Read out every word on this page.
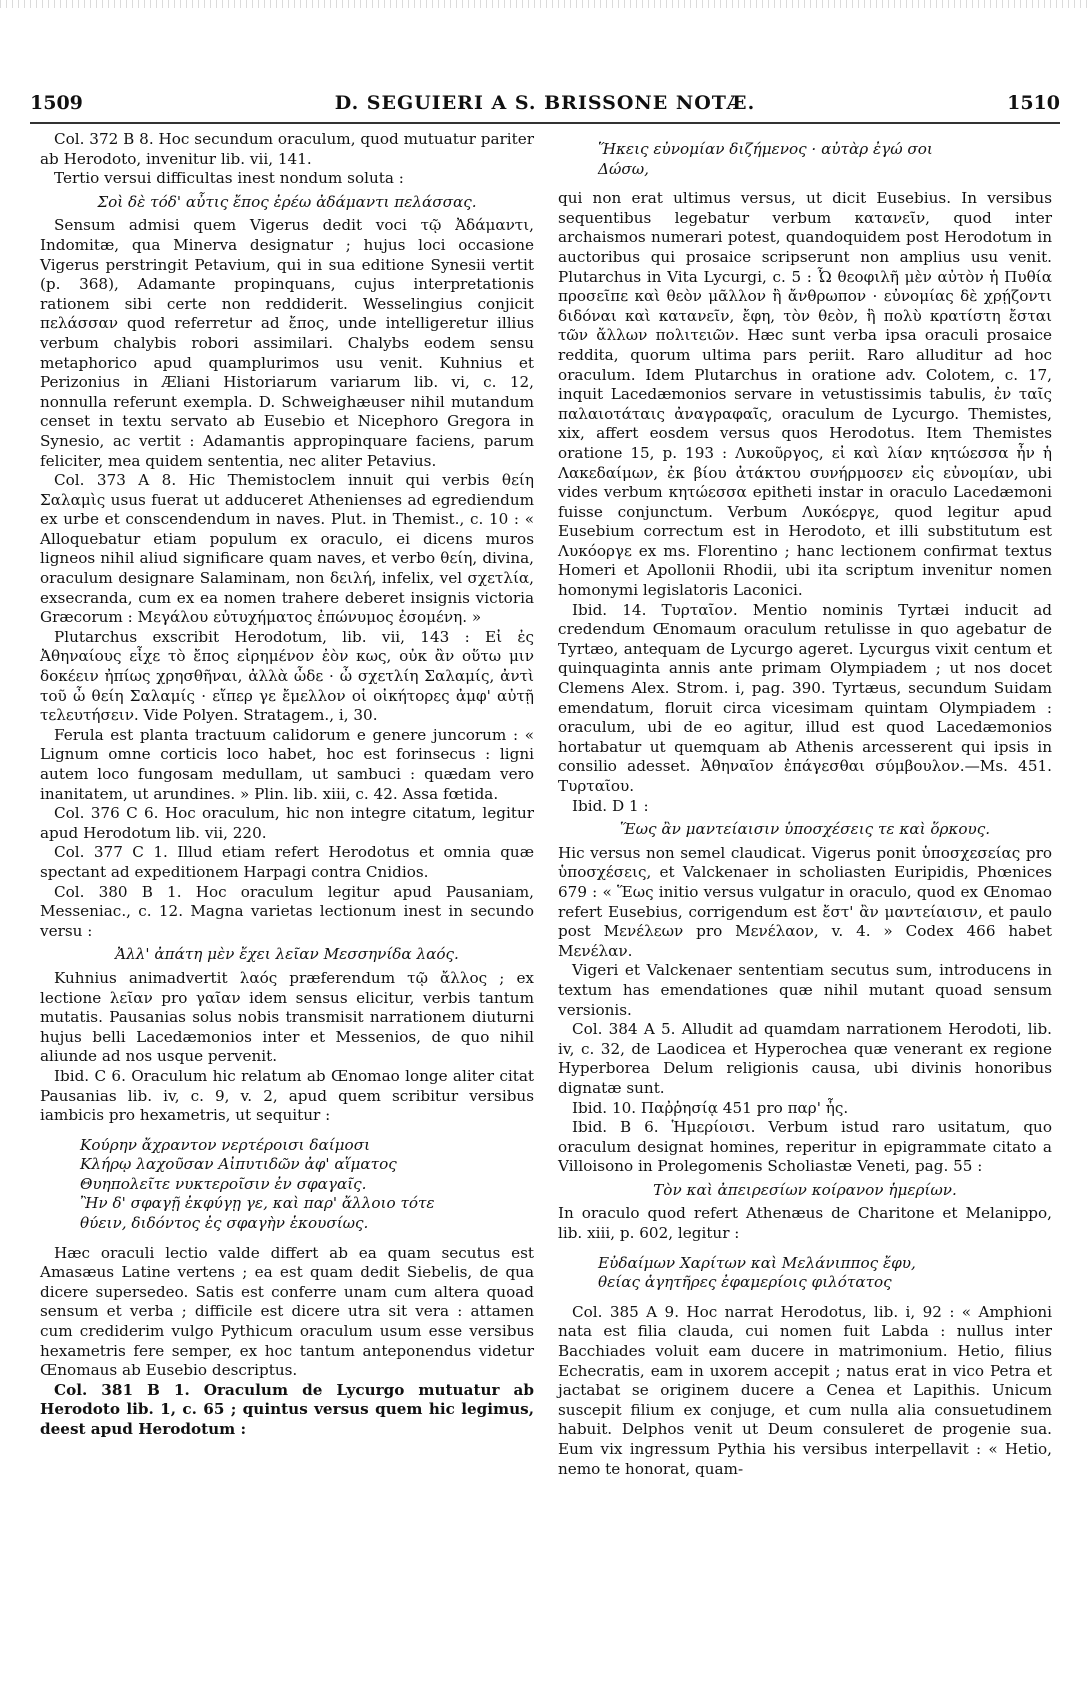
1509	D. SEGUIERI A S. BRISSONE NOTÆ.	1510

Col. 372 B 8. Hoc secundum oraculum, quod mutuatur pariter ab Herodoto, invenitur lib. vii, 141.

Tertio versui difficultas inest nondum soluta :

Σοὶ δὲ τόδ' αὖτις ἔπος ἐρέω ἀδάμαντι πελάσσας.

Sensum admisi quem Vigerus dedit voci τῷ Ἀδάμαντι, Indomitæ, qua Minerva designatur ; hujus loci occasione Vigerus perstringit Petavium, qui in sua editione Synesii vertit (p. 368), Adamante propinquans, cujus interpretationis rationem sibi certe non reddiderit. Wesselingius conjicit πελάσσαν quod referretur ad ἔπος, unde intelligeretur illius verbum chalybis robori assimilari. Chalybs eodem sensu metaphorico apud quamplurimos usu venit. Kuhnius et Perizonius in Æliani Historiarum variarum lib. vi, c. 12, nonnulla referunt exempla. D. Schweighæuser nihil mutandum censet in textu servato ab Eusebio et Nicephoro Gregora in Synesio, ac vertit : Adamantis appropinquare faciens, parum feliciter, mea quidem sententia, nec aliter Petavius.

Col. 373 A 8. Hic Themistoclem innuit qui verbis θείη Σαλαμὶς usus fuerat ut adduceret Athenienses ad egrediendum ex urbe et conscendendum in naves. Plut. in Themist., c. 10 : « Alloquebatur etiam populum ex oraculo, ei dicens muros ligneos nihil aliud significare quam naves, et verbo θείη, divina, oraculum designare Salaminam, non δειλή, infelix, vel σχετλία, exsecranda, cum ex ea nomen trahere deberet insignis victoria Græcorum : Μεγάλου εὐτυχήματος ἐπώνυμος ἐσομένη. »

Plutarchus exscribit Herodotum, lib. vii, 143 : Εἰ ἐς Ἀθηναίους εἶχε τὸ ἔπος εἰρημένον ἐὸν κως, οὐκ ἂν οὕτω μιν δοκέειν ἠπίως χρησθῆναι, ἀλλὰ ὧδε · ὦ σχετλίη Σαλαμίς, ἀντὶ τοῦ ὦ θείη Σαλαμίς · εἴπερ γε ἔμελλον οἱ οἰκήτορες ἀμφ' αὐτῇ τελευτήσειν. Vide Polyen. Stratagem., i, 30.

Ferula est planta tractuum calidorum e genere juncorum : « Lignum omne corticis loco habet, hoc est forinsecus : ligni autem loco fungosam medullam, ut sambuci : quædam vero inanitatem, ut arundines. » Plin. lib. xiii, c. 42. Assa fœtida.

Col. 376 C 6. Hoc oraculum, hic non integre citatum, legitur apud Herodotum lib. vii, 220.

Col. 377 C 1. Illud etiam refert Herodotus et omnia quæ spectant ad expeditionem Harpagi contra Cnidios.

Col. 380 B 1. Hoc oraculum legitur apud Pausaniam, Messeniac., c. 12. Magna varietas lectionum inest in secundo versu :

Ἀλλ' ἀπάτη μὲν ἔχει λεῖαν Μεσσηνίδα λαός.

Kuhnius animadvertit λαός præferendum τῷ ἄλλος ; ex lectione λεῖαν pro γαῖαν idem sensus elicitur, verbis tantum mutatis. Pausanias solus nobis transmisit narrationem diuturni hujus belli Lacedæmonios inter et Messenios, de quo nihil aliunde ad nos usque pervenit.

Ibid. C 6. Oraculum hic relatum ab Œnomao longe aliter citat Pausanias lib. iv, c. 9, v. 2, apud quem scribitur versibus iambicis pro hexametris, ut sequitur :

Κούρην ἄχραντον νερτέροισι δαίμοσι

Κλήρῳ λαχοῦσαν Αἰπυτιδῶν ἀφ' αἵματος

Θυηπολεῖτε νυκτεροῖσιν ἐν σφαγαῖς.

Ἢν δ' σφαγῇ ἐκφύγῃ γε, καὶ παρ' ἄλλοιο τότε

θύειν, διδόντος ἐς σφαγὴν ἑκουσίως.

Hæc oraculi lectio valde differt ab ea quam secutus est Amasæus Latine vertens ; ea est quam dedit Siebelis, de qua dicere supersedeo. Satis est conferre unam cum altera quoad sensum et verba ; difficile est dicere utra sit vera : attamen cum crediderim vulgo Pythicum oraculum usum esse versibus hexametris fere semper, ex hoc tantum anteponendus videtur Œnomaus ab Eusebio descriptus.

Col. 381 B 1. Oraculum de Lycurgo mutuatur ab Herodoto lib. 1, c. 65 ; quintus versus quem hic legimus, deest apud Herodotum :

Ἥκεις εὐνομίαν διζήμενος · αὐτὰρ ἐγώ σοι

Δώσω,

qui non erat ultimus versus, ut dicit Eusebius. In versibus sequentibus legebatur verbum κατανεῖν, quod inter archaismos numerari potest, quandoquidem post Herodotum in auctoribus qui prosaice scripserunt non amplius usu venit. Plutarchus in Vita Lycurgi, c. 5 : Ὦ θεοφιλῆ μὲν αὐτὸν ἡ Πυθία προσεῖπε καὶ θεὸν μᾶλλον ἢ ἄνθρωπον · εὐνομίας δὲ χρῄζοντι διδόναι καὶ κατανεῖν, ἔφη, τὸν θεὸν, ἣ πολὺ κρατίστη ἔσται τῶν ἄλλων πολιτειῶν. Hæc sunt verba ipsa oraculi prosaice reddita, quorum ultima pars periit. Raro alluditur ad hoc oraculum. Idem Plutarchus in oratione adv. Colotem, c. 17, inquit Lacedæmonios servare in vetustissimis tabulis, ἐν ταῖς παλαιοτάταις ἀναγραφαῖς, oraculum de Lycurgo. Themistes, xix, affert eosdem versus quos Herodotus. Item Themistes oratione 15, p. 193 : Λυκοῦργος, εἰ καὶ λίαν κητώεσσα ἦν ἡ Λακεδαίμων, ἐκ βίου ἀτάκτου συνήρμοσεν εἰς εὐνομίαν, ubi vides verbum κητώεσσα epitheti instar in oraculo Lacedæmoni fuisse conjunctum. Verbum Λυκόεργε, quod legitur apud Eusebium correctum est in Herodoto, et illi substitutum est Λυκόοργε ex ms. Florentino ; hanc lectionem confirmat textus Homeri et Apollonii Rhodii, ubi ita scriptum invenitur nomen homonymi legislatoris Laconici.

Ibid. 14. Τυρταῖον. Mentio nominis Tyrtæi inducit ad credendum Œnomaum oraculum retulisse in quo agebatur de Tyrtæo, antequam de Lycurgo ageret. Lycurgus vixit centum et quinquaginta annis ante primam Olympiadem ; ut nos docet Clemens Alex. Strom. i, pag. 390. Tyrtæus, secundum Suidam emendatum, floruit circa vicesimam quintam Olympiadem : oraculum, ubi de eo agitur, illud est quod Lacedæmonios hortabatur ut quemquam ab Athenis arcesserent qui ipsis in consilio adesset. Ἀθηναῖον ἐπάγεσθαι σύμβουλον.—Ms. 451. Τυρταῖου.

Ibid. D 1 :

Ἕως ἂν μαντείαισιν ὑποσχέσεις τε καὶ ὅρκους.

Hic versus non semel claudicat. Vigerus ponit ὑποσχεσείας pro ὑποσχέσεις, et Valckenaer in scholiasten Euripidis, Phœnices 679 : « Ἕως initio versus vulgatur in oraculo, quod ex Œnomao refert Eusebius, corrigendum est ἔστ' ἂν μαντείαισιν, et paulo post Μενέλεων pro Μενέλαον, v. 4. » Codex 466 habet Μενέλαν.

Vigeri et Valckenaer sententiam secutus sum, introducens in textum has emendationes quæ nihil mutant quoad sensum versionis.

Col. 384 A 5. Alludit ad quamdam narrationem Herodoti, lib. iv, c. 32, de Laodicea et Hyperochea quæ venerant ex regione Hyperborea Delum religionis causa, ubi divinis honoribus dignatæ sunt.

Ibid. 10. Παῤῥησίᾳ 451 pro παρ' ἧς.

Ibid. B 6. Ἡμερίοισι. Verbum istud raro usitatum, quo oraculum designat homines, reperitur in epigrammate citato a Villoisono in Prolegomenis Scholiastæ Veneti, pag. 55 :

Τὸν καὶ ἀπειρεσίων κοίρανον ἡμερίων.

In oraculo quod refert Athenæus de Charitone et Melanippo, lib. xiii, p. 602, legitur :

Εὐδαίμων Χαρίτων καὶ Μελάνιππος ἔφυ,

θείας ἁγητῆρες ἐφαμερίοις φιλότατος

Col. 385 A 9. Hoc narrat Herodotus, lib. i, 92 : « Amphioni nata est filia clauda, cui nomen fuit Labda : nullus inter Bacchiades voluit eam ducere in matrimonium. Hetio, filius Echecratis, eam in uxorem accepit ; natus erat in vico Petra et jactabat se originem ducere a Cenea et Lapithis. Unicum suscepit filium ex conjuge, et cum nulla alia consuetudinem habuit. Delphos venit ut Deum consuleret de progenie sua. Eum vix ingressum Pythia his versibus interpellavit : « Hetio, nemo te honorat, quam-
